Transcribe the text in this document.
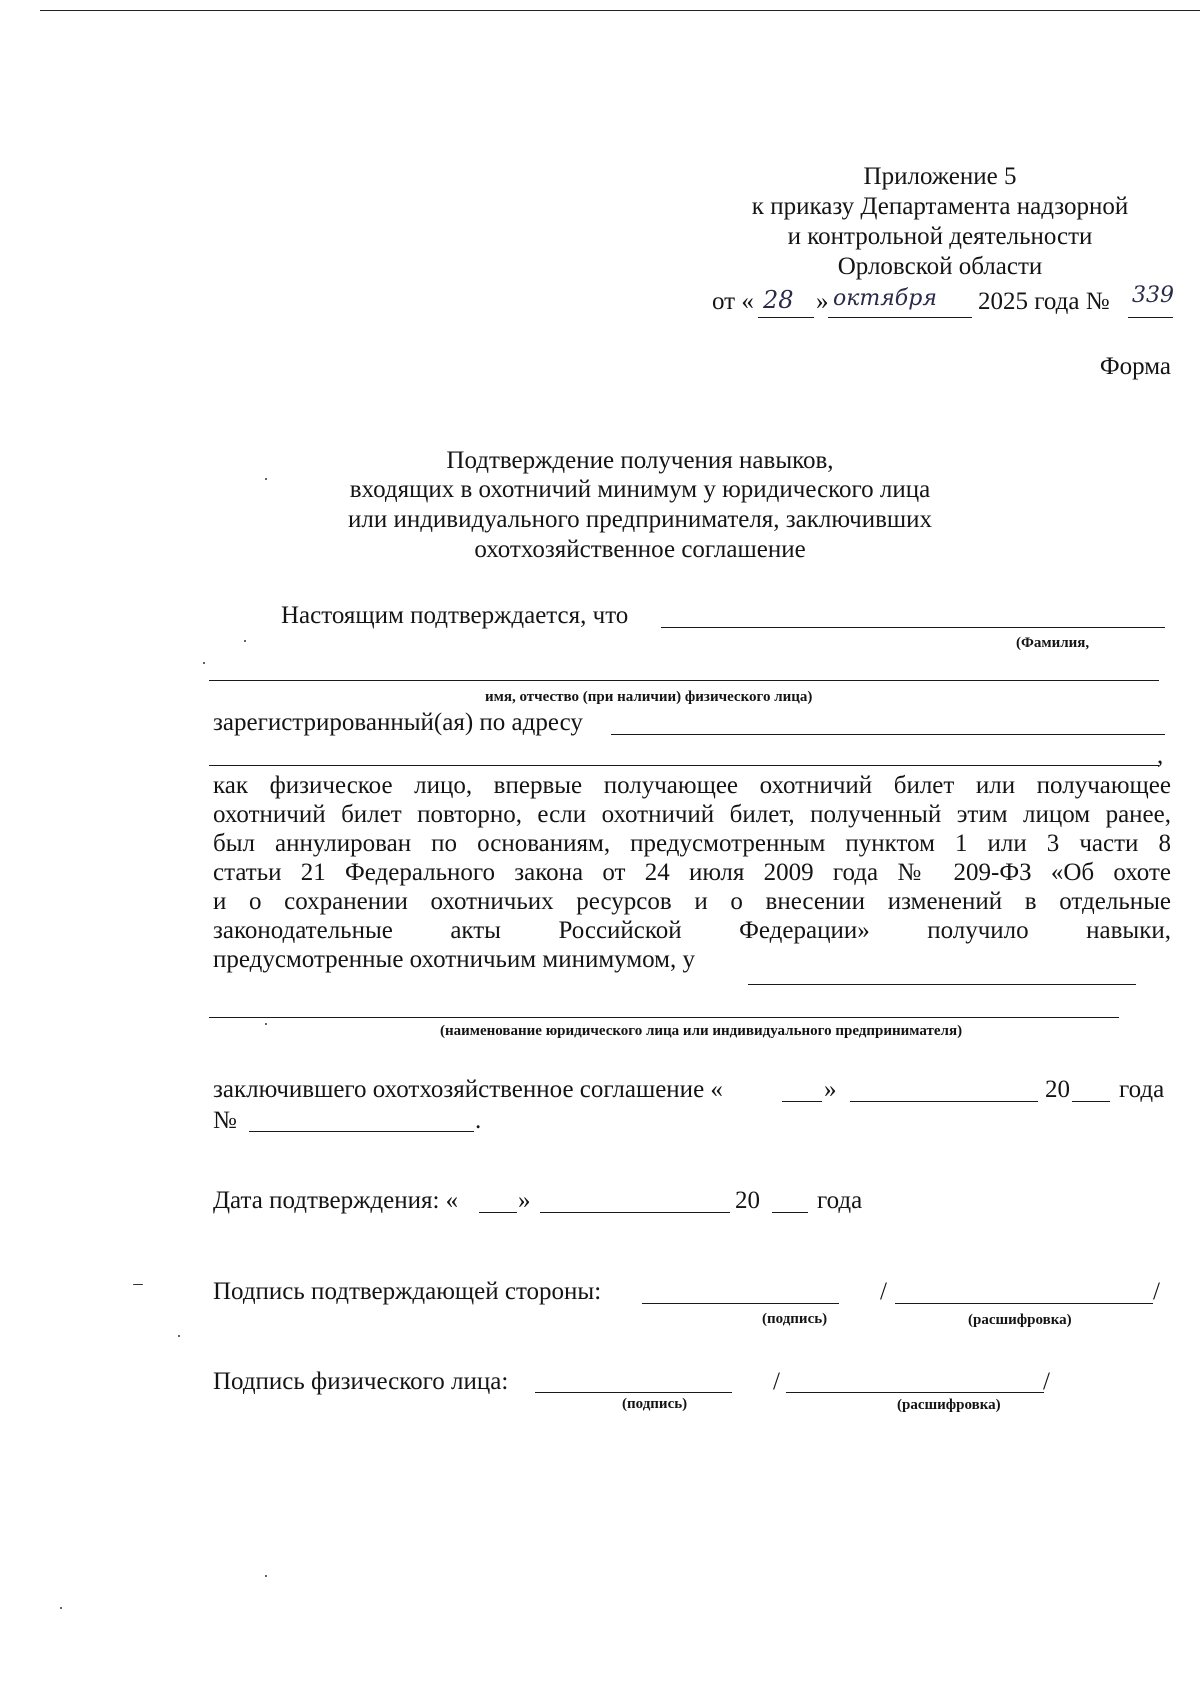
Приложение 5
к приказу Департамента надзорной
и контрольной деятельности
Орловской области
от « 28 » октября 2025 года № 339
Форма
Подтверждение получения навыков,
входящих в охотничий минимум у юридического лица
или индивидуального предпринимателя, заключивших
охотхозяйственное соглашение
Настоящим подтверждается, что
(Фамилия,
имя, отчество (при наличии) физического лица)
зарегистрированный(ая) по адресу
,
как физическое лицо, впервые получающее охотничий билет или получающее
охотничий билет повторно, если охотничий билет, полученный этим лицом ранее,
был аннулирован по основаниям, предусмотренным пунктом 1 или 3 части 8
статьи 21 Федерального закона от 24 июля 2009 года № 209-ФЗ «Об охоте
и о сохранении охотничьих ресурсов и о внесении изменений в отдельные
законодательные акты Российской Федерации» получило навыки,
предусмотренные охотничьим минимумом, у
(наименование юридического лица или индивидуального предпринимателя)
заключившего охотхозяйственное соглашение «	»	20 года
№	.
Дата подтверждения: « »	20 года
Подпись подтверждающей стороны:	/	/
(подпись)	(расшифровка)
Подпись физического лица:	/	/
(подпись)	(расшифровка)
